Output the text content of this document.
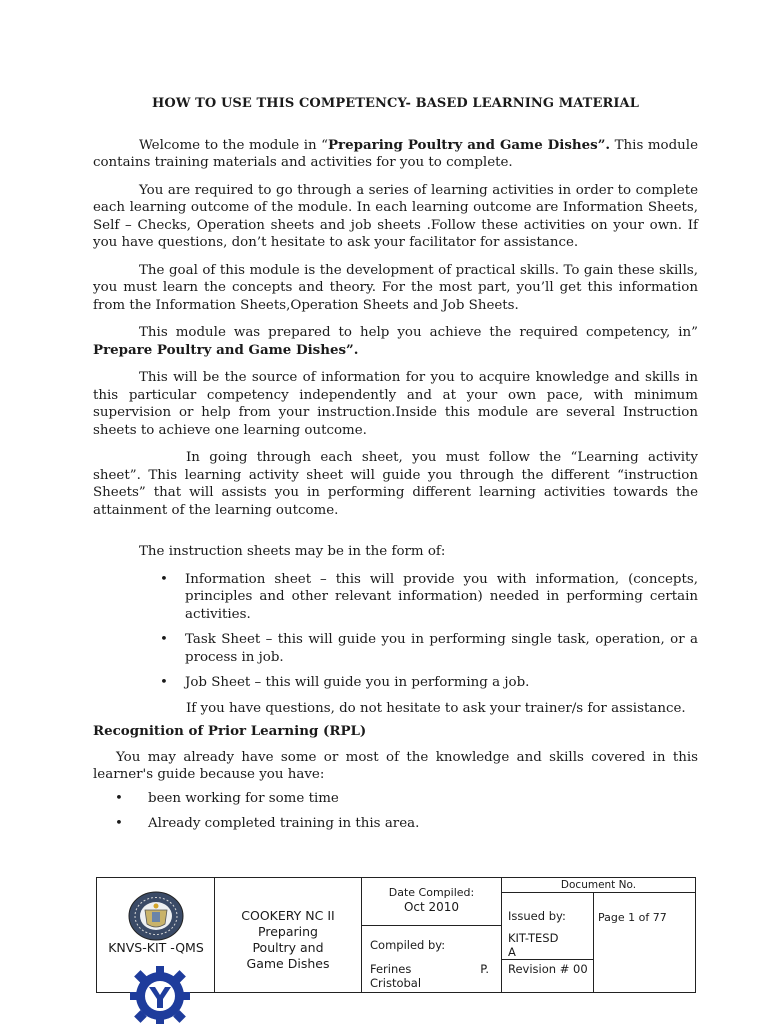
HOW TO USE THIS COMPETENCY- BASED LEARNING MATERIAL

Welcome to the module in “Preparing Poultry and Game Dishes”. This module contains training materials and activities for you to complete.

You are required to go through a series of learning activities in order to complete each learning outcome of the module. In each learning outcome are Information Sheets, Self – Checks, Operation sheets and job sheets .Follow these activities on your own. If you have questions, don’t hesitate to ask your facilitator for assistance.

The goal of this module is the development of practical skills. To gain these skills, you must learn the concepts and theory. For the most part, you’ll get this information from the Information Sheets,Operation Sheets and Job Sheets.

This module was prepared to help you achieve the required competency, in” Prepare Poultry and Game Dishes”.

This will be the source of information for you to acquire knowledge and skills in this particular competency independently and at your own pace, with minimum supervision or help from your instruction.Inside this module are several Instruction sheets to achieve one learning outcome.

In going through each sheet, you must follow the “Learning activity sheet”. This learning activity sheet will guide you through the different “instruction Sheets” that will assists you in performing different learning activities towards the attainment of the learning outcome.

The instruction sheets may be in the form of:

• Information sheet – this will provide you with information, (concepts, principles and other relevant information) needed in performing certain activities.
• Task Sheet – this will guide you in performing single task, operation, or a process in job.
• Job Sheet – this will guide you in performing a job.

If you have questions, do not hesitate to ask your trainer/s for assistance.

Recognition of Prior Learning (RPL)

You may already have some or most of the knowledge and skills covered in this learner's guide because you have:

• been working for some time
• Already completed training in this area.
KNVS-KIT -QMS
COOKERY NC II
Preparing
Poultry and
Game Dishes
Date Compiled:
Oct 2010
Compiled by:
Ferines	P.
Cristobal
Document No.
Issued by:
KIT-TESDA
Revision # 00
Page 1 of 77
